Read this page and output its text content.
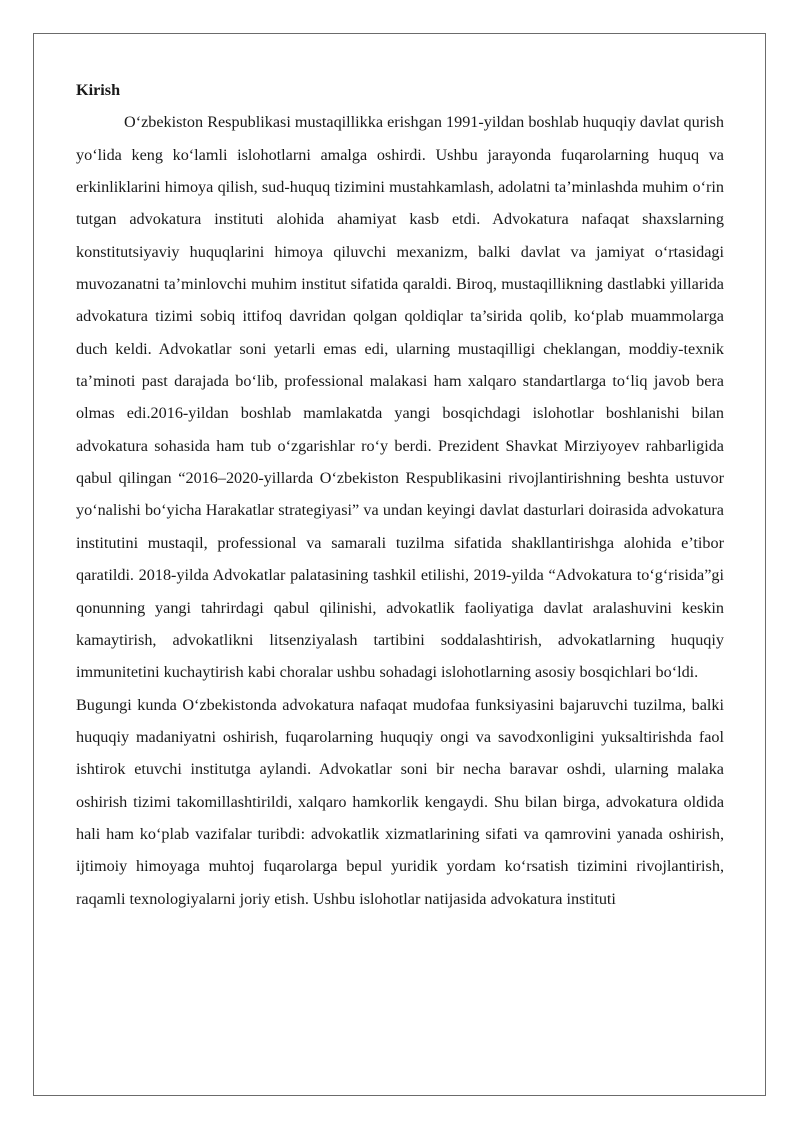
Kirish

O‘zbekiston Respublikasi mustaqillikka erishgan 1991-yildan boshlab huquqiy davlat qurish yo‘lida keng ko‘lamli islohotlarni amalga oshirdi. Ushbu jarayonda fuqarolarning huquq va erkinliklarini himoya qilish, sud-huquq tizimini mustahkamlash, adolatni ta’minlashda muhim o‘rin tutgan advokatura instituti alohida ahamiyat kasb etdi. Advokatura nafaqat shaxslarning konstitutsiyaviy huquqlarini himoya qiluvchi mexanizm, balki davlat va jamiyat o‘rtasidagi muvozanatni ta’minlovchi muhim institut sifatida qaraldi. Biroq, mustaqillikning dastlabki yillarida advokatura tizimi sobiq ittifoq davridan qolgan qoldiqlar ta’sirida qolib, ko‘plab muammolarga duch keldi. Advokatlar soni yetarli emas edi, ularning mustaqilligi cheklangan, moddiy-texnik ta’minoti past darajada bo‘lib, professional malakasi ham xalqaro standartlarga to‘liq javob bera olmas edi.2016-yildan boshlab mamlakatda yangi bosqichdagi islohotlar boshlanishi bilan advokatura sohasida ham tub o‘zgarishlar ro‘y berdi. Prezident Shavkat Mirziyoyev rahbarligida qabul qilingan “2016–2020-yillarda O‘zbekiston Respublikasini rivojlantirishning beshta ustuvor yo‘nalishi bo‘yicha Harakatlar strategiyasi” va undan keyingi davlat dasturlari doirasida advokatura institutini mustaqil, professional va samarali tuzilma sifatida shakllantirishga alohida e’tibor qaratildi. 2018-yilda Advokatlar palatasining tashkil etilishi, 2019-yilda “Advokatura to‘g‘risida”gi qonunning yangi tahrirdagi qabul qilinishi, advokatlik faoliyatiga davlat aralashuvini keskin kamaytirish, advokatlikni litsenziyalash tartibini soddalashtirish, advokatlarning huquqiy immunitetini kuchaytirish kabi choralar ushbu sohadagi islohotlarning asosiy bosqichlari bo‘ldi.

Bugungi kunda O‘zbekistonda advokatura nafaqat mudofaa funksiyasini bajaruvchi tuzilma, balki huquqiy madaniyatni oshirish, fuqarolarning huquqiy ongi va savodxonligini yuksaltirishda faol ishtirok etuvchi institutga aylandi. Advokatlar soni bir necha baravar oshdi, ularning malaka oshirish tizimi takomillashtirildi, xalqaro hamkorlik kengaydi. Shu bilan birga, advokatura oldida hali ham ko‘plab vazifalar turibdi: advokatlik xizmatlarining sifati va qamrovini yanada oshirish, ijtimoiy himoyaga muhtoj fuqarolarga bepul yuridik yordam ko‘rsatish tizimini rivojlantirish, raqamli texnologiyalarni joriy etish. Ushbu islohotlar natijasida advokatura instituti
